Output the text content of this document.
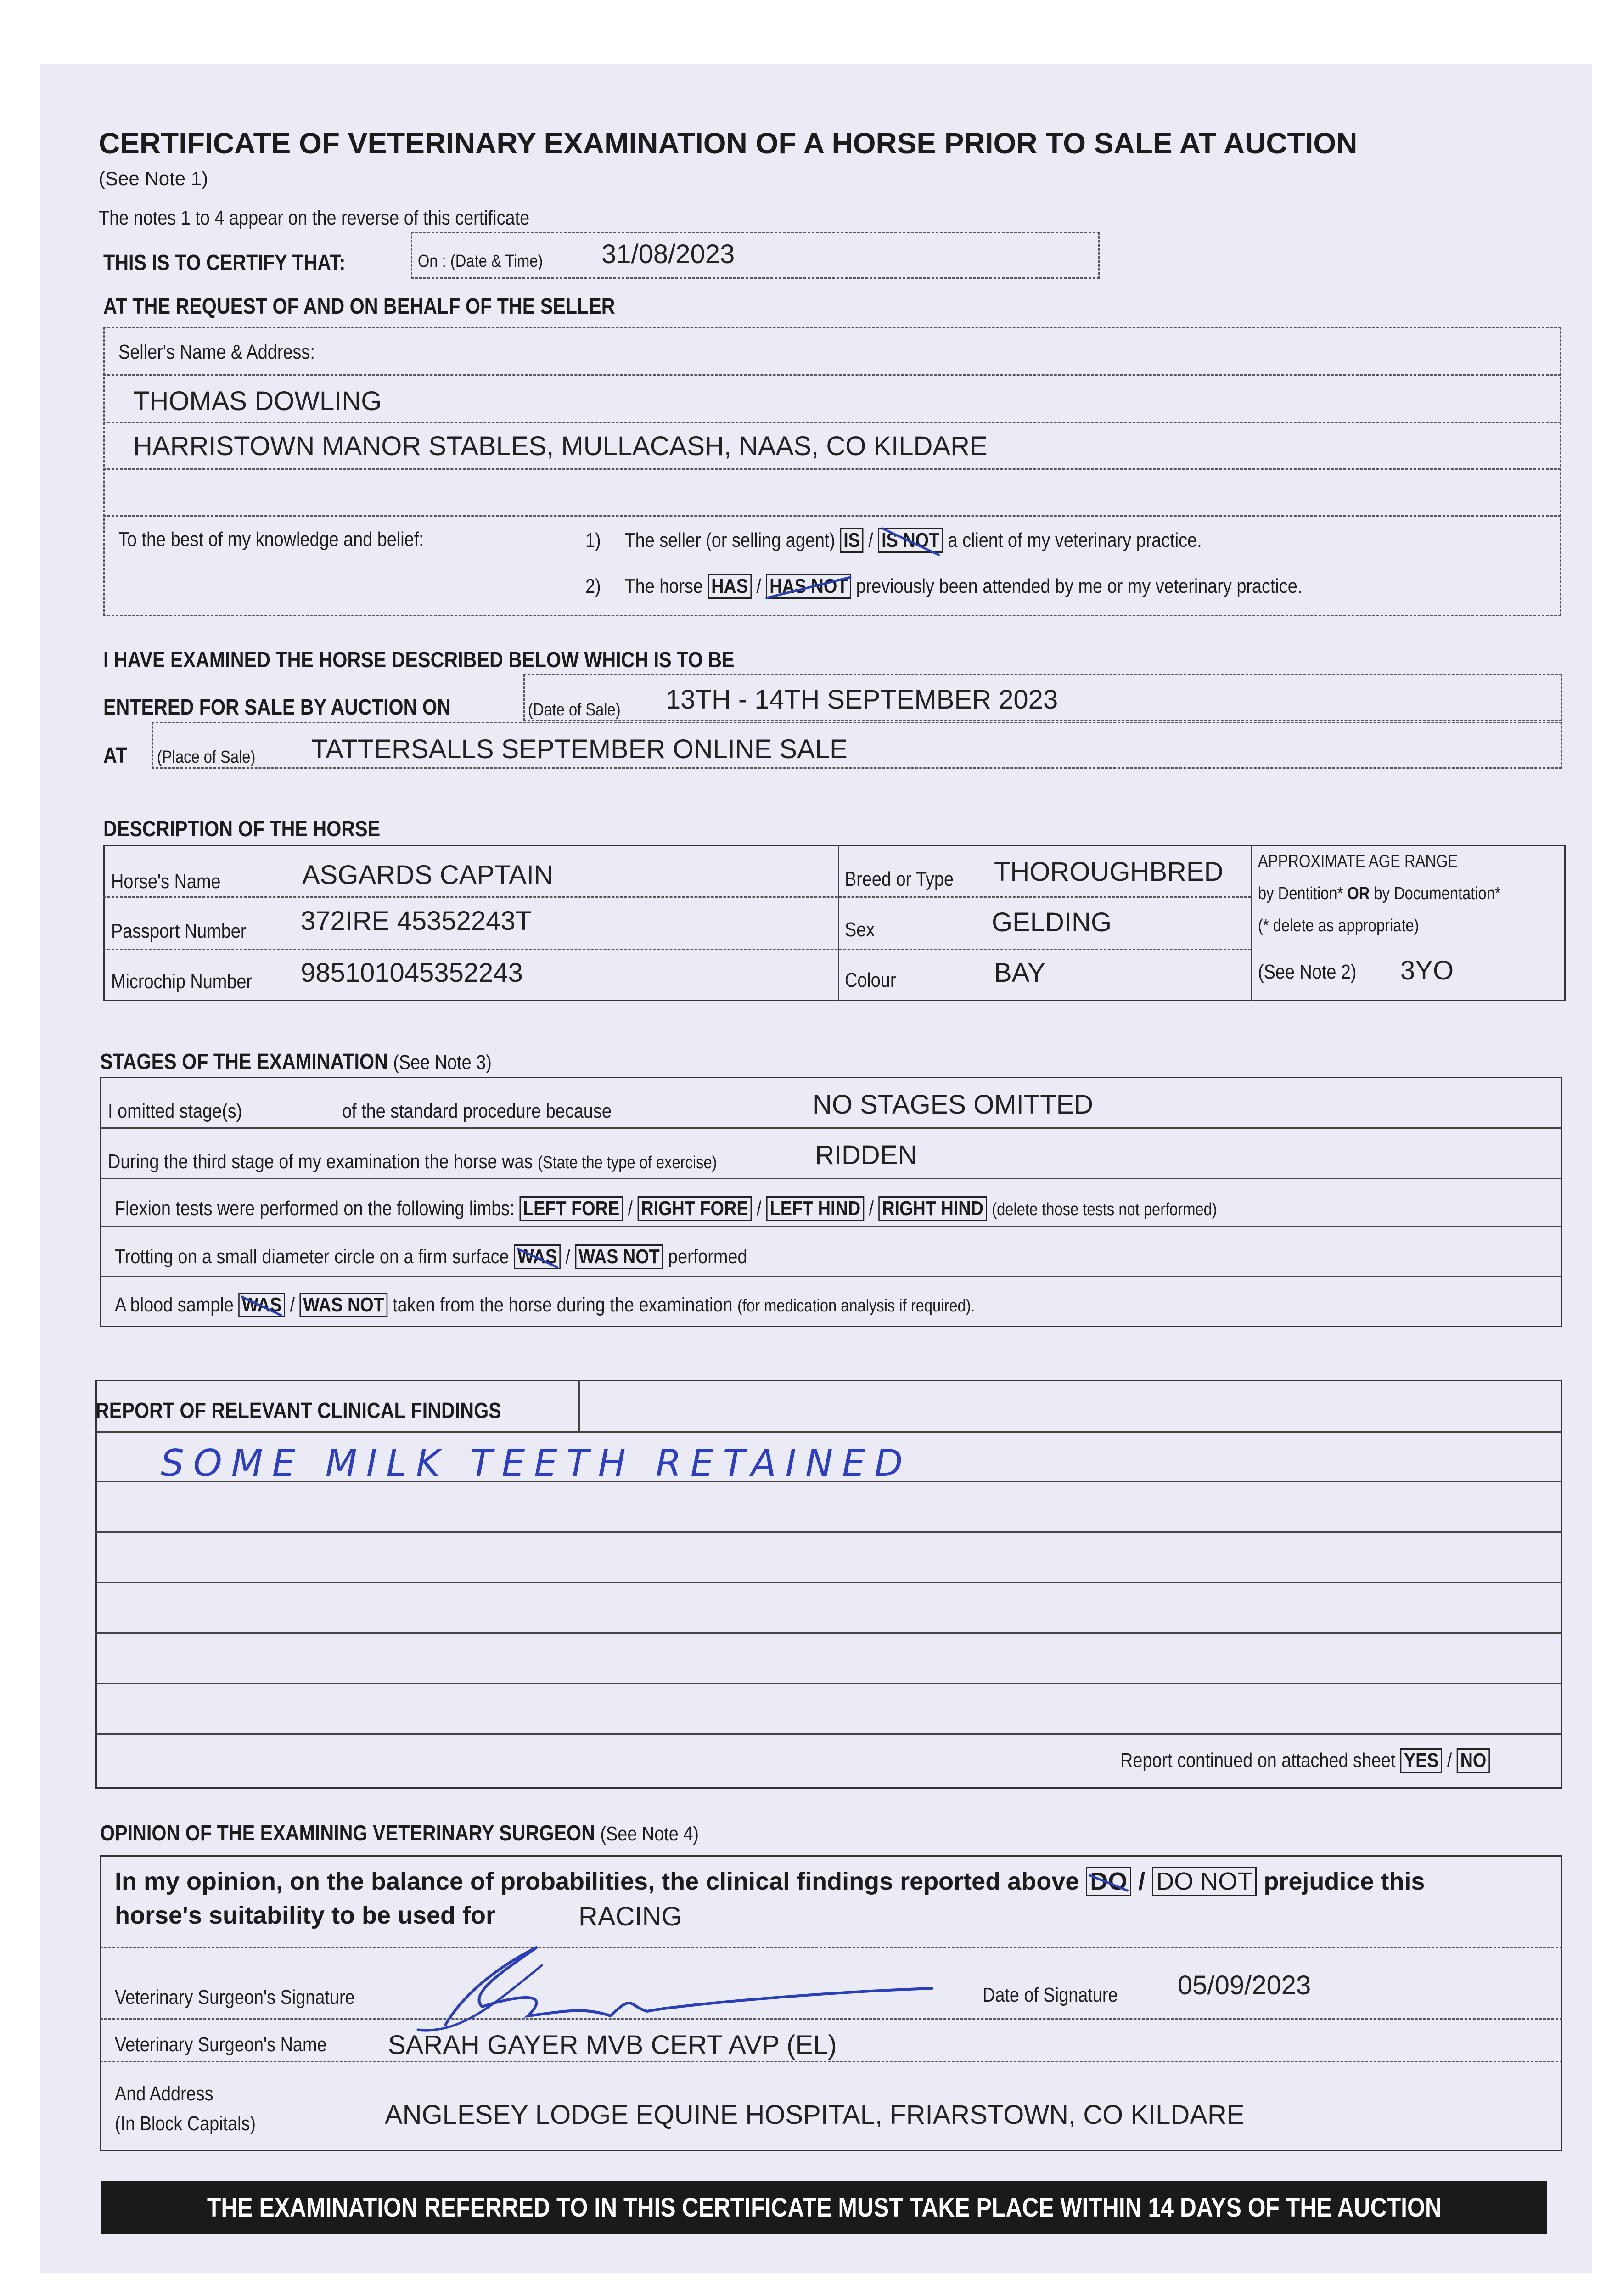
CERTIFICATE OF VETERINARY EXAMINATION OF A HORSE PRIOR TO SALE AT AUCTION
(See Note 1)
The notes 1 to 4 appear on the reverse of this certificate
THIS IS TO CERTIFY THAT:	On : (Date & Time) 31/08/2023
AT THE REQUEST OF AND ON BEHALF OF THE SELLER
Seller's Name & Address:
THOMAS DOWLING
HARRISTOWN MANOR STABLES, MULLACASH, NAAS, CO KILDARE
To the best of my knowledge and belief:	1) The seller (or selling agent) IS / IS NOT a client of my veterinary practice.
2) The horse HAS / HAS NOT previously been attended by me or my veterinary practice.
I HAVE EXAMINED THE HORSE DESCRIBED BELOW WHICH IS TO BE
ENTERED FOR SALE BY AUCTION ON	(Date of Sale) 13TH - 14TH SEPTEMBER 2023
AT (Place of Sale) TATTERSALLS SEPTEMBER ONLINE SALE
DESCRIPTION OF THE HORSE
Horse's Name	ASGARDS CAPTAIN
Passport Number 372IRE 45352243T
Microchip Number 985101045352243
Breed or Type THOROUGHBRED
Sex	GELDING
Colour	BAY
APPROXIMATE AGE RANGE
by Dentition* OR by Documentation*
(* delete as appropriate)
(See Note 2) 3YO
STAGES OF THE EXAMINATION (See Note 3)
I omitted stage(s)	of the standard procedure because	NO STAGES OMITTED
During the third stage of my examination the horse was (State the type of exercise)	RIDDEN
Flexion tests were performed on the following limbs: LEFT FORE / RIGHT FORE / LEFT HIND / RIGHT HIND (delete those tests not performed)
Trotting on a small diameter circle on a firm surface WAS / WAS NOT performed
A blood sample WAS / WAS NOT taken from the horse during the examination (for medication analysis if required).
REPORT OF RELEVANT CLINICAL FINDINGS
SOME MILK TEETH RETAINED
Report continued on attached sheet YES / NO
OPINION OF THE EXAMINING VETERINARY SURGEON (See Note 4)
In my opinion, on the balance of probabilities, the clinical findings reported above DO / DO NOT prejudice this
horse's suitability to be used for	RACING
Veterinary Surgeon's Signature	Date of Signature 05/09/2023
Veterinary Surgeon's Name SARAH GAYER MVB CERT AVP (EL)
And Address
(In Block Capitals)	ANGLESEY LODGE EQUINE HOSPITAL, FRIARSTOWN, CO KILDARE
THE EXAMINATION REFERRED TO IN THIS CERTIFICATE MUST TAKE PLACE WITHIN 14 DAYS OF THE AUCTION
